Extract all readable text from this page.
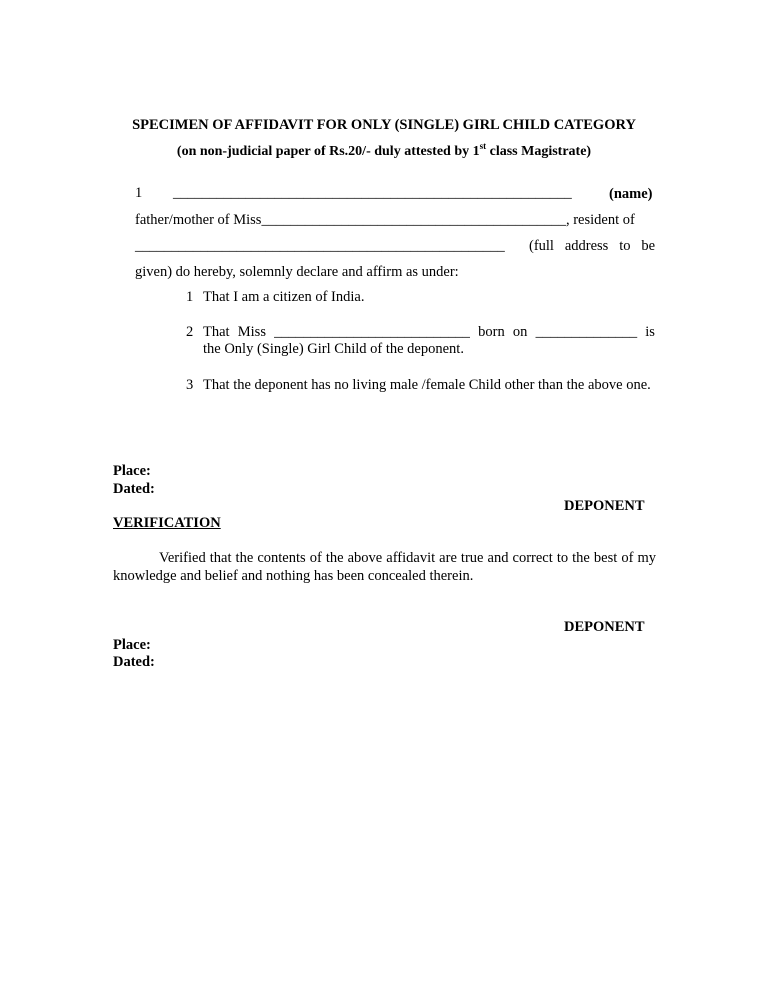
SPECIMEN OF AFFIDAVIT FOR ONLY (SINGLE) GIRL CHILD CATEGORY
(on non-judicial paper of Rs.20/- duly attested by 1st class Magistrate)
1 _______________________________________________________	(name)
father/mother of Miss__________________________________________, resident of
___________________________________________________ (full   address   to   be
given) do hereby, solemnly declare and affirm as under:
1 That I am a citizen of India.
2 That Miss ___________________________ born on ______________ is
the Only (Single) Girl Child of the deponent.
3 That the deponent has no living male /female Child other than the above one.
Place:
Dated:
DEPONENT
VERIFICATION
Verified that the contents of the above affidavit are true and correct to the best of my knowledge and belief and nothing has been concealed therein.
DEPONENT
Place:
Dated:
